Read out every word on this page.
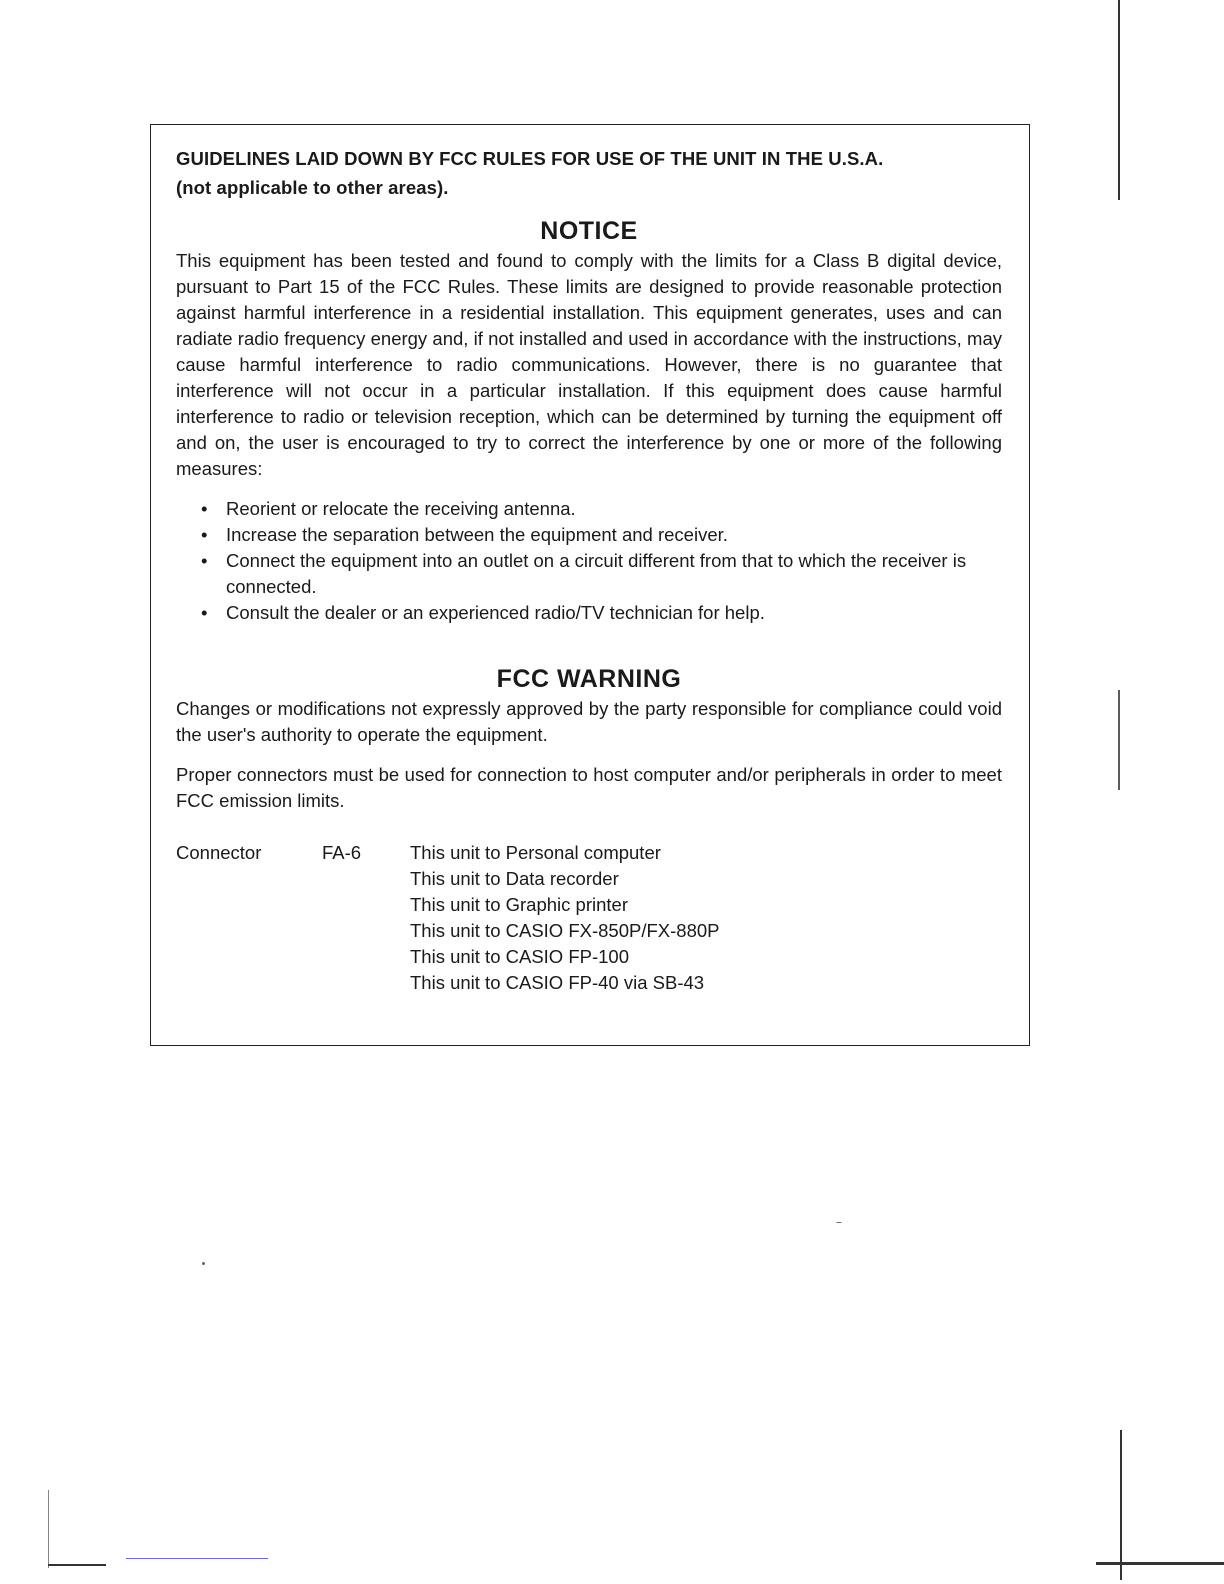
GUIDELINES LAID DOWN BY FCC RULES FOR USE OF THE UNIT IN THE U.S.A.
(not applicable to other areas).

NOTICE

This equipment has been tested and found to comply with the limits for a Class B digital device, pursuant to Part 15 of the FCC Rules. These limits are designed to provide reasonable protection against harmful interference in a residential installation. This equipment generates, uses and can radiate radio frequency energy and, if not installed and used in accordance with the instructions, may cause harmful interference to radio communications. However, there is no guarantee that interference will not occur in a particular installation. If this equipment does cause harmful interference to radio or television reception, which can be determined by turning the equipment off and on, the user is encouraged to try to correct the interference by one or more of the following measures:

• Reorient or relocate the receiving antenna.
• Increase the separation between the equipment and receiver.
• Connect the equipment into an outlet on a circuit different from that to which the receiver is connected.
• Consult the dealer or an experienced radio/TV technician for help.
FCC WARNING

Changes or modifications not expressly approved by the party responsible for compliance could void the user's authority to operate the equipment.

Proper connectors must be used for connection to host computer and/or peripherals in order to meet FCC emission limits.

Connector	FA-6	This unit to Personal computer
This unit to Data recorder
This unit to Graphic printer
This unit to CASIO FX-850P/FX-880P
This unit to CASIO FP-100
This unit to CASIO FP-40 via SB-43
